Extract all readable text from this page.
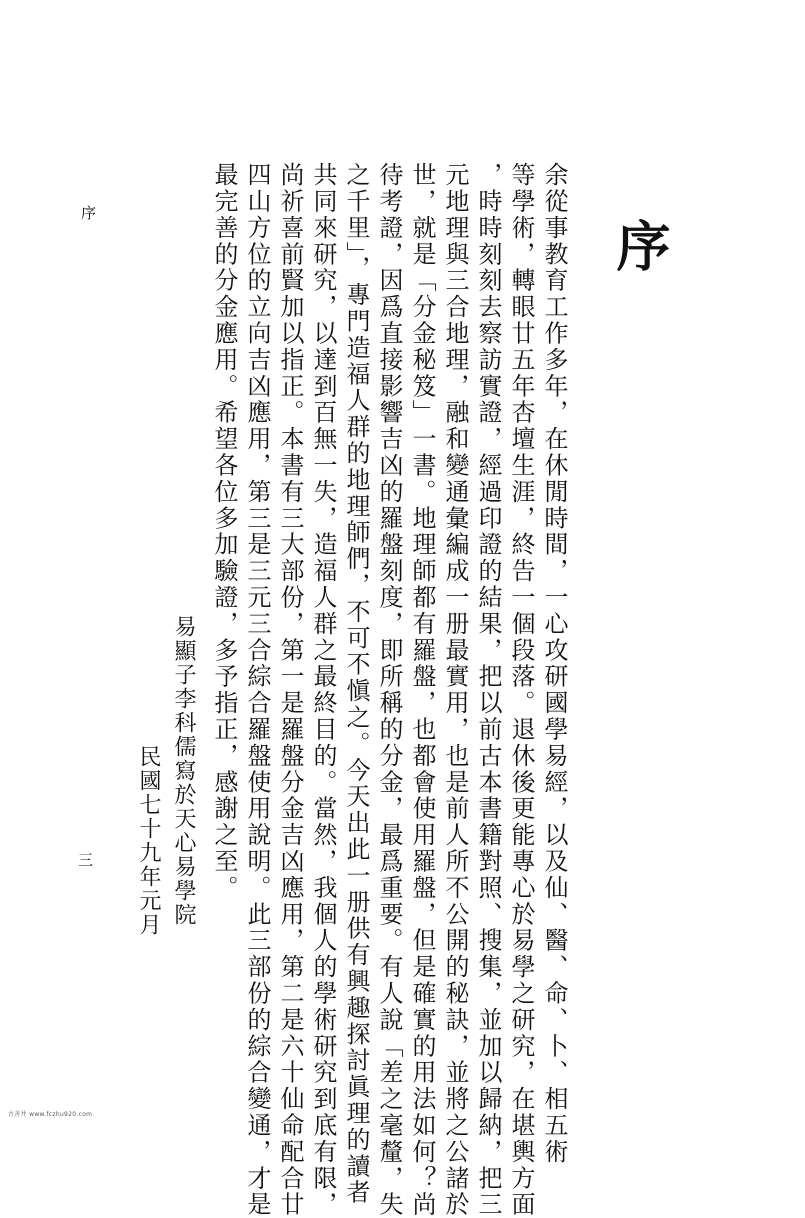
序
三
序
余從事教育工作多年，在休閒時間，一心攻研國學易經，以及仙、醫、命、卜、相五術
等學術，轉眼廿五年杏壇生涯，終告一個段落。退休後更能專心於易學之研究，在堪輿方面
，時時刻刻去察訪實證，經過印證的結果，把以前古本書籍對照、搜集，並加以歸納，把三
元地理與三合地理，融和變通彙編成一册最實用，也是前人所不公開的秘訣，並將之公諸於
世，就是「分金秘笈」一書。地理師都有羅盤，也都會使用羅盤，但是確實的用法如何？尚
待考證，因爲直接影響吉凶的羅盤刻度，即所稱的分金，最爲重要。有人說「差之毫釐，失
之千里」，專門造福人群的地理師們，不可不愼之。今天出此一册供有興趣探討眞理的讀者
共同來研究，以達到百無一失，造福人群之最終目的。當然，我個人的學術研究到底有限，
尚祈喜前賢加以指正。本書有三大部份，第一是羅盤分金吉凶應用，第二是六十仙命配合廿
四山方位的立向吉凶應用，第三是三元三合綜合羅盤使用說明。此三部份的綜合變通，才是
最完善的分金應用。希望各位多加驗證，多予指正，感謝之至。
易顯子李科儒寫於天心易學院
民國七十九年元月
古善井 www.fczhu920.com
